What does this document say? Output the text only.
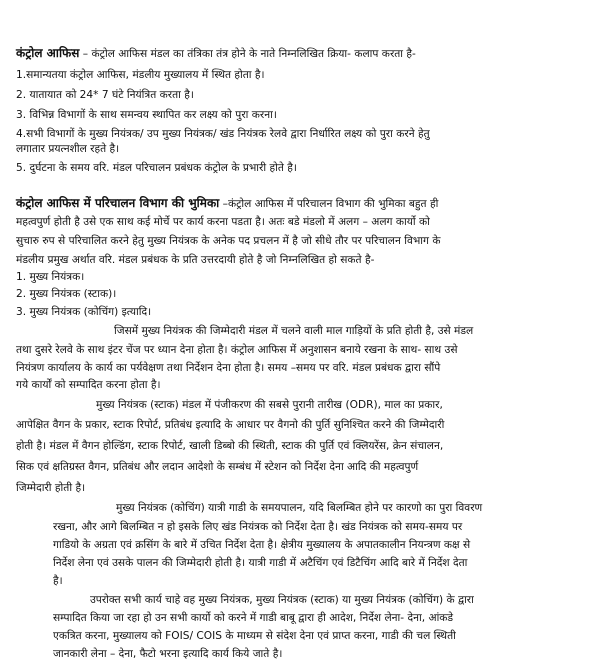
कंट्रोल आफिस – कंट्रोल आफिस मंडल का तंत्रिका तंत्र होने के नाते निम्नलिखित क्रिया- कलाप करता है-
1.समान्यतया कंट्रोल आफिस, मंडलीय मुख्यालय में स्थित होता है।
2. यातायात को 24* 7 घंटे नियंत्रित करता है।
3. विभिन्न विभागों के साथ समन्वय स्थापित कर लक्ष्य को पुरा करना।
4.सभी विभागों के मुख्य नियंत्रक/ उप मुख्य नियंत्रक/ खंड नियंत्रक रेलवे द्वारा निर्धारित लक्ष्य को पुरा करने हेतु
लगातार प्रयत्नशील रहते है।
5. दुर्घटना के समय वरि. मंडल परिचालन प्रबंधक कंट्रोल के प्रभारी होते है।
कंट्रोल आफिस में परिचालन विभाग की भुमिका –कंट्रोल आफिस में परिचालन विभाग की भुमिका बहुत ही
महत्वपुर्ण होती है उसे एक साथ कई मोर्चे पर कार्य करना पडता है। अतः बडे मंडलो में अलग – अलग कार्यो को
सुचारु रुप से परिचालित करने हेतु मुख्य नियंत्रक के अनेक पद प्रचलन में है जो सीधे तौर पर परिचालन विभाग के
मंडलीय प्रमुख अर्थात वरि. मंडल प्रबंधक के प्रति उत्तरदायी होते है जो निम्नलिखित हो सकते है-
1. मुख्य नियंत्रक।
2. मुख्य नियंत्रक (स्टाक)।
3. मुख्य नियंत्रक (कोचिंग) इत्यादि।
जिसमें मुख्य नियंत्रक की जिम्मेदारी मंडल में चलने वाली माल गाड़ियों के प्रति होती है, उसे मंडल
तथा दुसरे रेलवे के साथ इंटर चेंज पर ध्यान देना होता है। कंट्रोल आफिस में अनुशासन बनाये रखना के साथ- साथ उसे
नियंत्रण कार्यालय के कार्य का पर्यवेक्षण तथा निर्देशन देना होता है। समय –समय पर वरि. मंडल प्रबंधक द्वारा सौंपे
गये कार्यों को सम्पादित करना होता है।
मुख्य नियंत्रक (स्टाक) मंडल में पंजीकरण की सबसे पुरानी तारीख (ODR), माल का प्रकार,
आपेक्षित वैगन के प्रकार, स्टाक रिपोर्ट, प्रतिबंध इत्यादि के आधार पर वैगनो की पुर्ति सुनिश्चित करने की जिम्मेदारी
होती है। मंडल में वैगन होल्डिंग, स्टाक रिपोर्ट, खाली डिब्बो की स्थिती, स्टाक की पुर्ति एवं क्लियरेंस, क्रेन संचालन,
सिक एवं क्षतिग्रस्त वैगन, प्रतिबंध और लदान आदेशो के सम्बंध में स्टेशन को निर्देश देना आदि की महत्वपुर्ण
जिम्मेदारी होती है।
मुख्य नियंत्रक (कोचिंग) यात्री गाडी के समयपालन, यदि बिलम्बित होने पर कारणो का पुरा विवरण
रखना, और आगे बिलम्बित न हो इसके लिए खंड नियंत्रक को निर्देश देता है। खंड नियंत्रक को समय-समय पर
गाडियो के अग्रता एवं क्रसिंग के बारे में उचित निर्देश देता है। क्षेत्रीय मुख्यालय के अपातकालीन नियन्त्रण कक्ष से
निर्देश लेना एवं उसके पालन की जिम्मेदारी होती है। यात्री गाडी में अटैचिंग एवं डिटैचिंग आदि बारे में निर्देश देता
है।
उपरोक्त सभी कार्य चाहे वह मुख्य नियंत्रक, मुख्य नियंत्रक (स्टाक) या मुख्य नियंत्रक (कोचिंग) के द्वारा
सम्पादित किया जा रहा हो उन सभी कार्यो को करने में गाडी बाबू द्वारा ही आदेश, निर्देश लेना- देना, आंकडे
एकत्रित करना, मुख्यालय को FOIS/ COIS के माध्यम से संदेश देना एवं प्राप्त करना, गाडी की चल स्थिती
जानकारी लेना – देना, फैटो भरना इत्यादि कार्य किये जाते है।
